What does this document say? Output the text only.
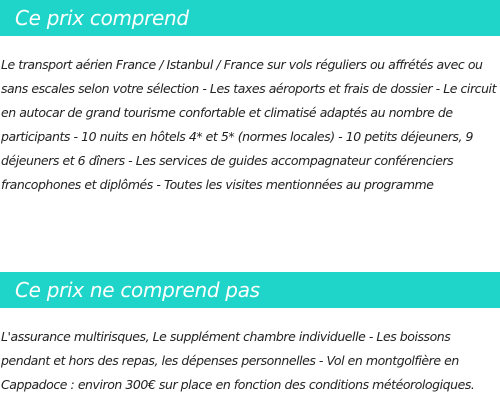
Ce prix comprend

Le transport aérien France / Istanbul / France sur vols réguliers ou affrétés avec ou sans escales selon votre sélection - Les taxes aéroports et frais de dossier - Le circuit en autocar de grand tourisme confortable et climatisé adaptés au nombre de participants - 10 nuits en hôtels 4* et 5* (normes locales) - 10 petits déjeuners, 9 déjeuners et 6 dîners - Les services de guides accompagnateur conférenciers francophones et diplômés - Toutes les visites mentionnées au programme

Ce prix ne comprend pas

L'assurance multirisques, Le supplément chambre individuelle - Les boissons pendant et hors des repas, les dépenses personnelles - Vol en montgolfière en Cappadoce : environ 300€ sur place en fonction des conditions météorologiques.
